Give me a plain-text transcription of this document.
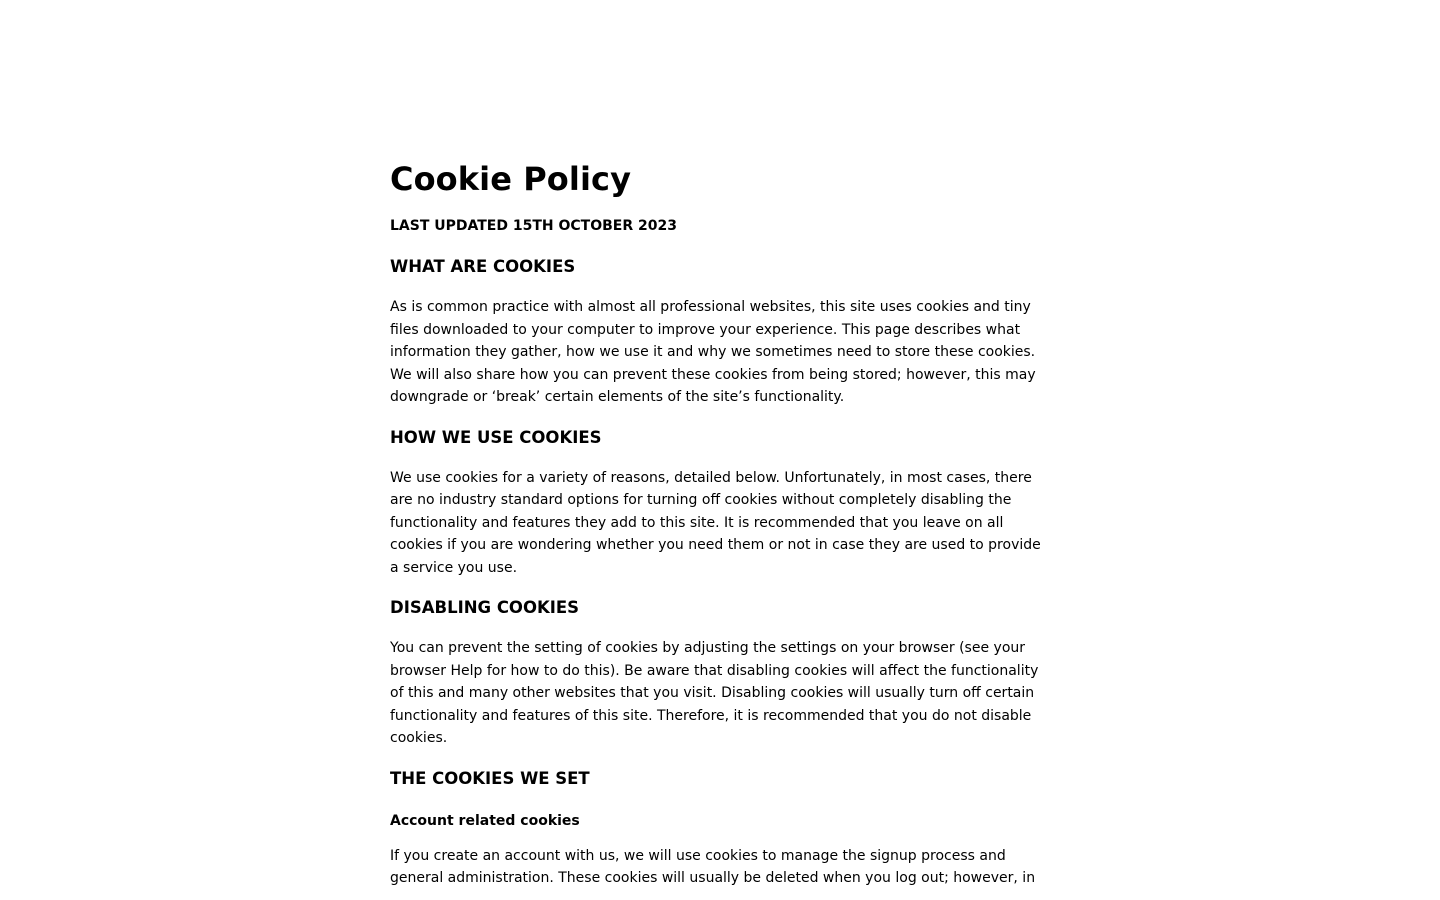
Cookie Policy
LAST UPDATED 15TH OCTOBER 2023
WHAT ARE COOKIES

As is common practice with almost all professional websites, this site uses cookies and tiny files downloaded to your computer to improve your experience. This page describes what information they gather, how we use it and why we sometimes need to store these cookies. We will also share how you can prevent these cookies from being stored; however, this may downgrade or ‘break’ certain elements of the site’s functionality.

HOW WE USE COOKIES

We use cookies for a variety of reasons, detailed below. Unfortunately, in most cases, there are no industry standard options for turning off cookies without completely disabling the functionality and features they add to this site. It is recommended that you leave on all cookies if you are wondering whether you need them or not in case they are used to provide a service you use.

DISABLING COOKIES

You can prevent the setting of cookies by adjusting the settings on your browser (see your browser Help for how to do this). Be aware that disabling cookies will affect the functionality of this and many other websites that you visit. Disabling cookies will usually turn off certain functionality and features of this site. Therefore, it is recommended that you do not disable cookies.

THE COOKIES WE SET
Account related cookies

If you create an account with us, we will use cookies to manage the signup process and general administration. These cookies will usually be deleted when you log out; however, in
